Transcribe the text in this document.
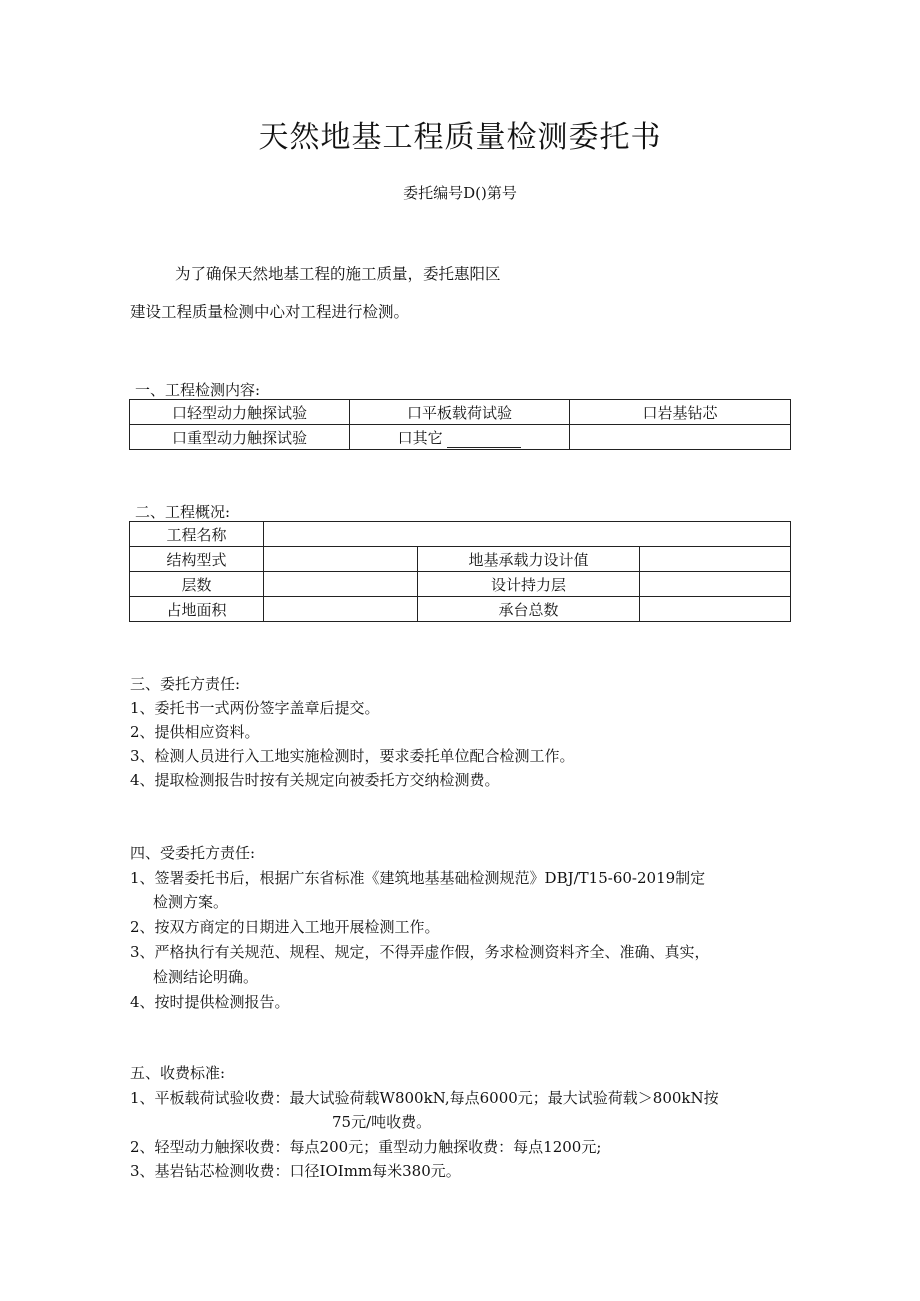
天然地基工程质量检测委托书
委托编号D()第号
为了确保天然地基工程的施工质量，委托惠阳区
建设工程质量检测中心对工程进行检测。
一、工程检测内容:
口轻型动力触探试验	口平板载荷试验	口岩基钻芯
口重型动力触探试验	口其它	
二、工程概况:
工程名称			
结构型式		地基承载力设计值	
层数		设计持力层	
占地面积		承台总数	
三、委托方责任:
1、委托书一式两份签字盖章后提交。
2、提供相应资料。
3、检测人员进行入工地实施检测时，要求委托单位配合检测工作。
4、提取检测报告时按有关规定向被委托方交纳检测费。
四、受委托方责任:
1、签署委托书后，根据广东省标准《建筑地基基础检测规范》DBJ/T15-60-2019制定
检测方案。
2、按双方商定的日期进入工地开展检测工作。
3、严格执行有关规范、规程、规定，不得弄虚作假，务求检测资料齐全、准确、真实，
检测结论明确。
4、按时提供检测报告。
五、收费标准:
1、平板载荷试验收费：最大试验荷载W800kN,每点6000元；最大试验荷载＞800kN按
75元/吨收费。
2、轻型动力触探收费：每点200元；重型动力触探收费：每点1200元;
3、基岩钻芯检测收费：口径IOImm每米380元。
